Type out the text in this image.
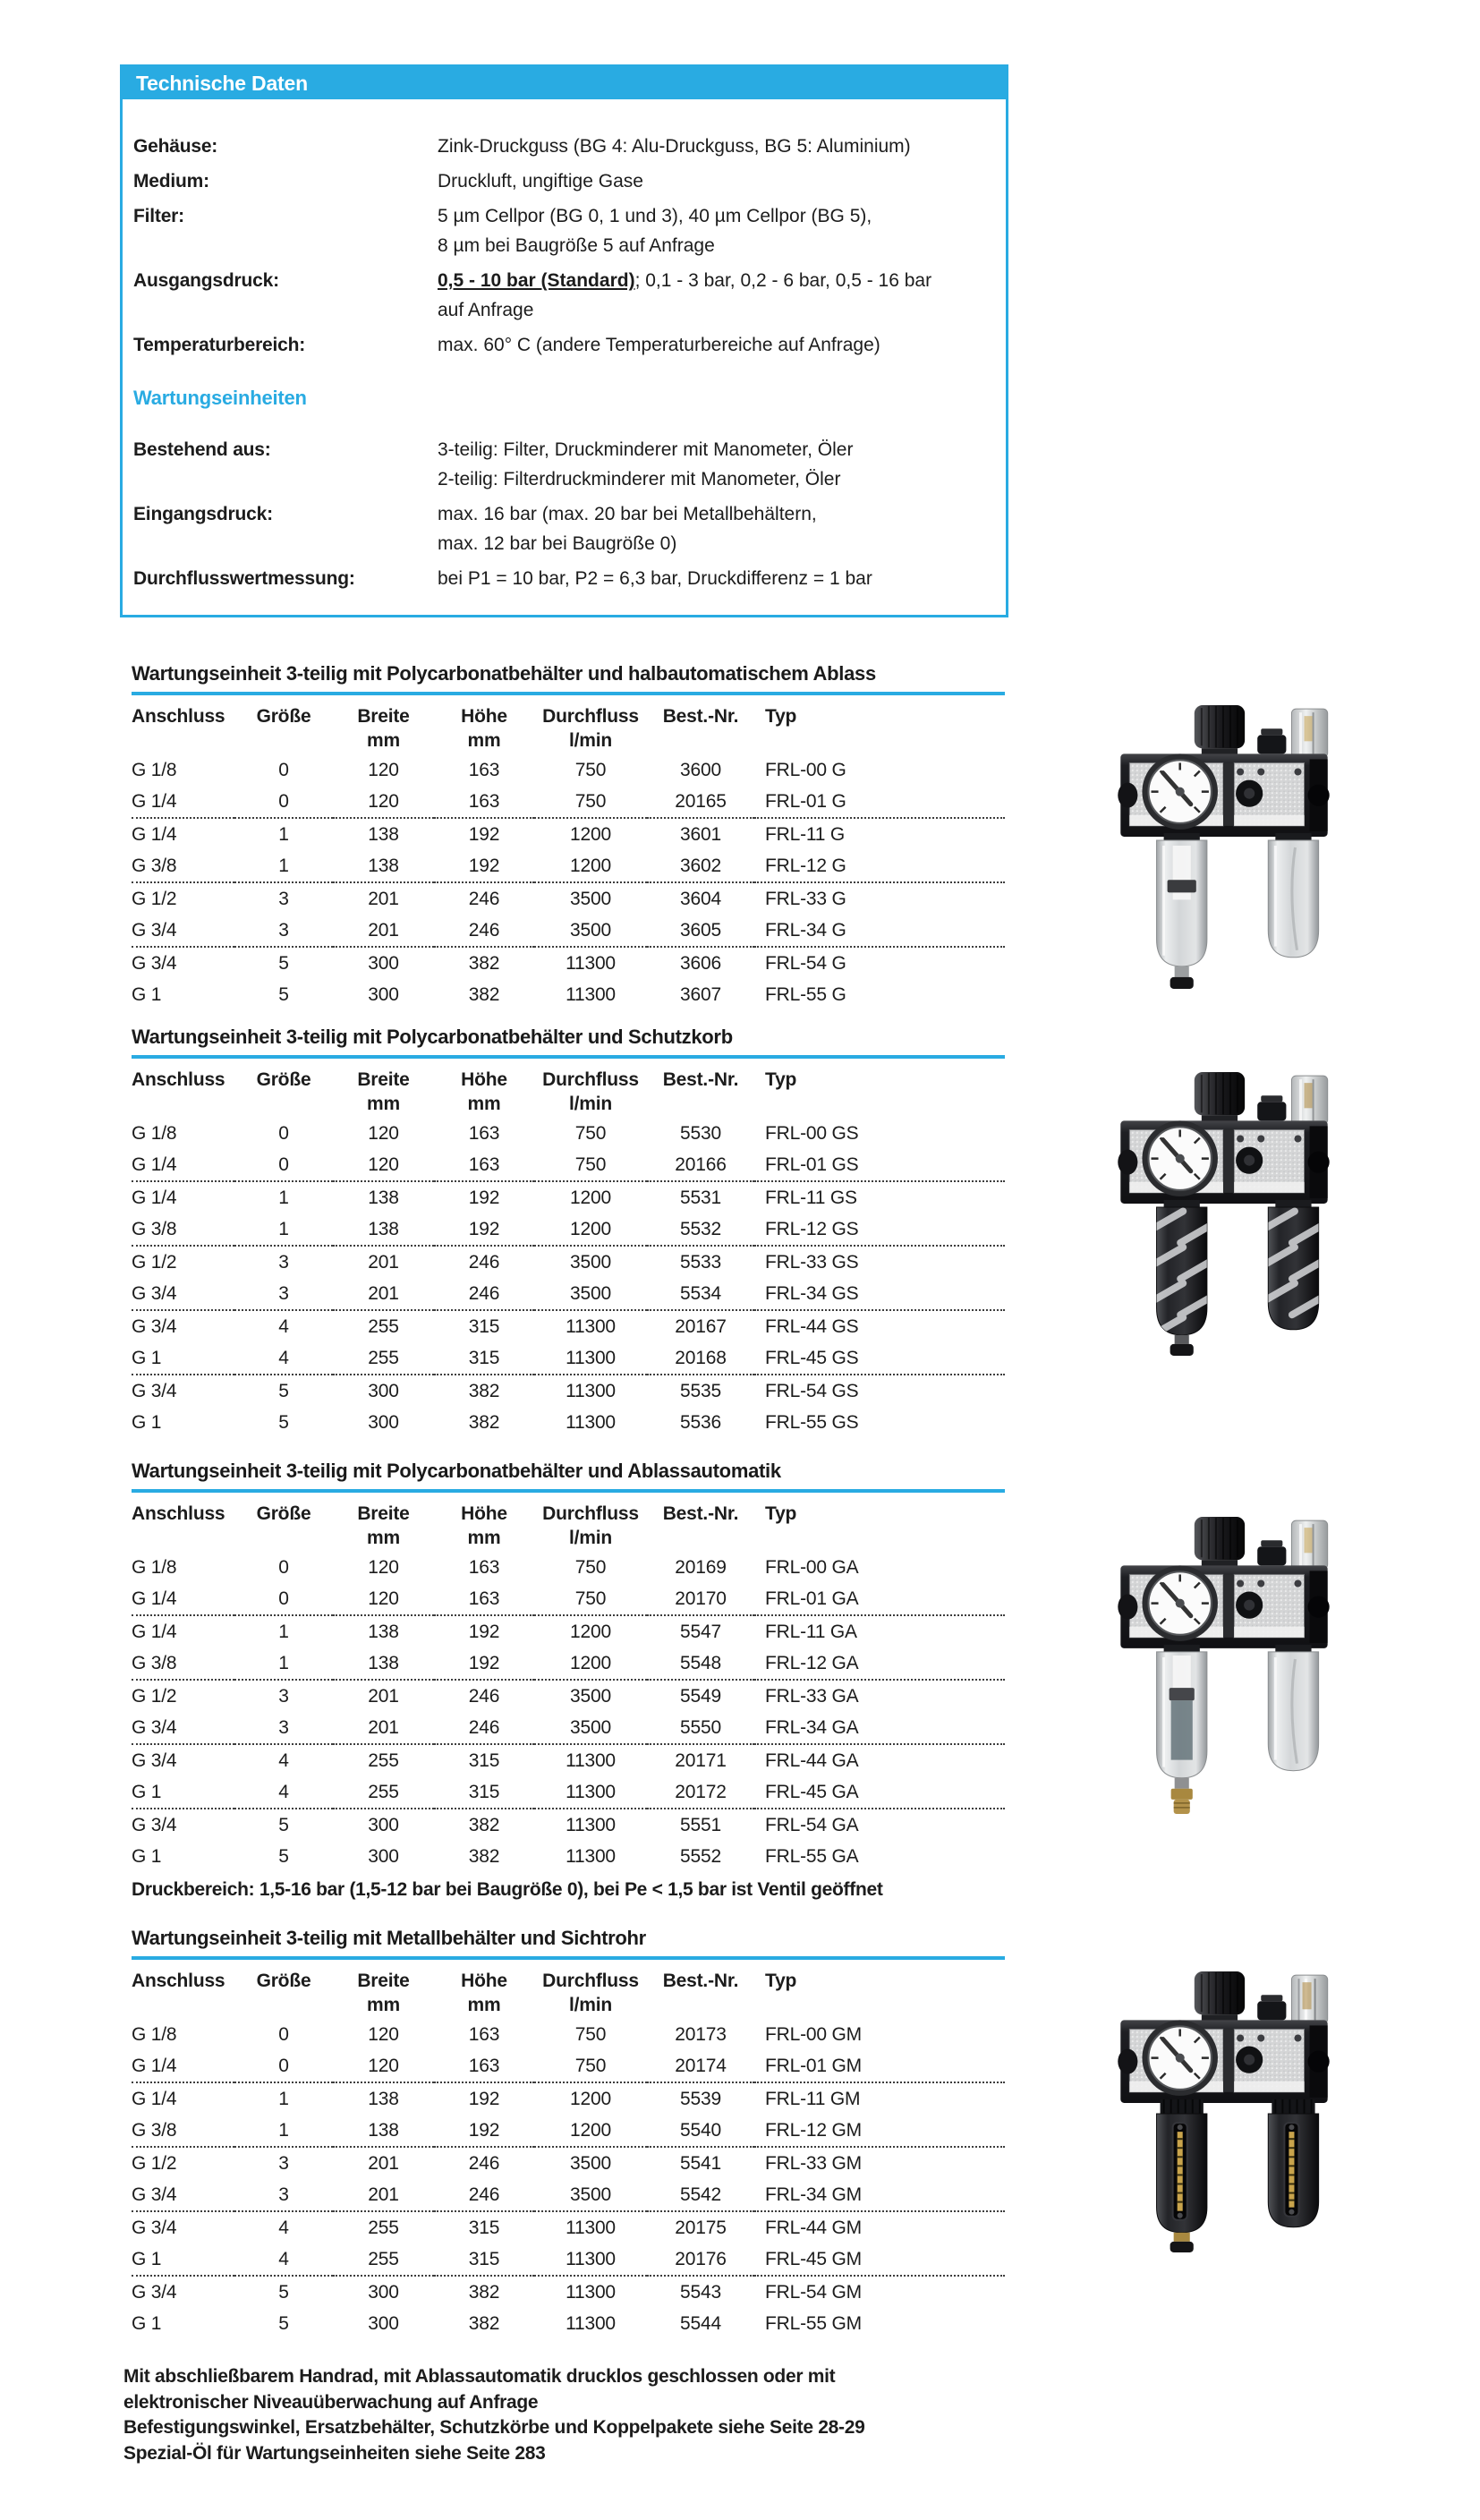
Technische Daten
Gehäuse:	Zink-Druckguss (BG 4: Alu-Druckguss, BG 5: Aluminium)
Medium:	Druckluft, ungiftige Gase
Filter:	5 µm Cellpor (BG 0, 1 und 3), 40 µm Cellpor (BG 5),
8 µm bei Baugröße 5 auf Anfrage
Ausgangsdruck:	0,5 - 10 bar (Standard); 0,1 - 3 bar, 0,2 - 6 bar, 0,5 - 16 bar
auf Anfrage
Temperaturbereich:	max. 60° C (andere Temperaturbereiche auf Anfrage)
Wartungseinheiten
Bestehend aus:	3-teilig: Filter, Druckminderer mit Manometer, Öler
2-teilig: Filterdruckminderer mit Manometer, Öler
Eingangsdruck:	max. 16 bar (max. 20 bar bei Metallbehältern,
max. 12 bar bei Baugröße 0)
Durchflusswertmessung:	bei P1 = 10 bar, P2 = 6,3 bar, Druckdifferenz = 1 bar
Wartungseinheit 3-teilig mit Polycarbonatbehälter und halbautomatischem Ablass
Anschluss	Größe	Breite	Höhe	Durchfluss	Best.-Nr.	Typ
		mm	mm	l/min		
G 1/8	0	120	163	750	3600	FRL-00 G
G 1/4	0	120	163	750	20165	FRL-01 G
G 1/4	1	138	192	1200	3601	FRL-11 G
G 3/8	1	138	192	1200	3602	FRL-12 G
G 1/2	3	201	246	3500	3604	FRL-33 G
G 3/4	3	201	246	3500	3605	FRL-34 G
G 3/4	5	300	382	11300	3606	FRL-54 G
G 1	5	300	382	11300	3607	FRL-55 G
Wartungseinheit 3-teilig mit Polycarbonatbehälter und Schutzkorb
Anschluss	Größe	Breite	Höhe	Durchfluss	Best.-Nr.	Typ
		mm	mm	l/min		
G 1/8	0	120	163	750	5530	FRL-00 GS
G 1/4	0	120	163	750	20166	FRL-01 GS
G 1/4	1	138	192	1200	5531	FRL-11 GS
G 3/8	1	138	192	1200	5532	FRL-12 GS
G 1/2	3	201	246	3500	5533	FRL-33 GS
G 3/4	3	201	246	3500	5534	FRL-34 GS
G 3/4	4	255	315	11300	20167	FRL-44 GS
G 1	4	255	315	11300	20168	FRL-45 GS
G 3/4	5	300	382	11300	5535	FRL-54 GS
G 1	5	300	382	11300	5536	FRL-55 GS
Wartungseinheit 3-teilig mit Polycarbonatbehälter und Ablassautomatik
Anschluss	Größe	Breite	Höhe	Durchfluss	Best.-Nr.	Typ
		mm	mm	l/min		
G 1/8	0	120	163	750	20169	FRL-00 GA
G 1/4	0	120	163	750	20170	FRL-01 GA
G 1/4	1	138	192	1200	5547	FRL-11 GA
G 3/8	1	138	192	1200	5548	FRL-12 GA
G 1/2	3	201	246	3500	5549	FRL-33 GA
G 3/4	3	201	246	3500	5550	FRL-34 GA
G 3/4	4	255	315	11300	20171	FRL-44 GA
G 1	4	255	315	11300	20172	FRL-45 GA
G 3/4	5	300	382	11300	5551	FRL-54 GA
G 1	5	300	382	11300	5552	FRL-55 GA
Druckbereich: 1,5-16 bar (1,5-12 bar bei Baugröße 0), bei Pe < 1,5 bar ist Ventil geöffnet
Wartungseinheit 3-teilig mit Metallbehälter und Sichtrohr
Anschluss	Größe	Breite	Höhe	Durchfluss	Best.-Nr.	Typ
		mm	mm	l/min		
G 1/8	0	120	163	750	20173	FRL-00 GM
G 1/4	0	120	163	750	20174	FRL-01 GM
G 1/4	1	138	192	1200	5539	FRL-11 GM
G 3/8	1	138	192	1200	5540	FRL-12 GM
G 1/2	3	201	246	3500	5541	FRL-33 GM
G 3/4	3	201	246	3500	5542	FRL-34 GM
G 3/4	4	255	315	11300	20175	FRL-44 GM
G 1	4	255	315	11300	20176	FRL-45 GM
G 3/4	5	300	382	11300	5543	FRL-54 GM
G 1	5	300	382	11300	5544	FRL-55 GM
Mit abschließbarem Handrad, mit Ablassautomatik drucklos geschlossen oder mit
elektronischer Niveauüberwachung auf Anfrage
Befestigungswinkel, Ersatzbehälter, Schutzkörbe und Koppelpakete siehe Seite 28-29
Spezial-Öl für Wartungseinheiten siehe Seite 283
